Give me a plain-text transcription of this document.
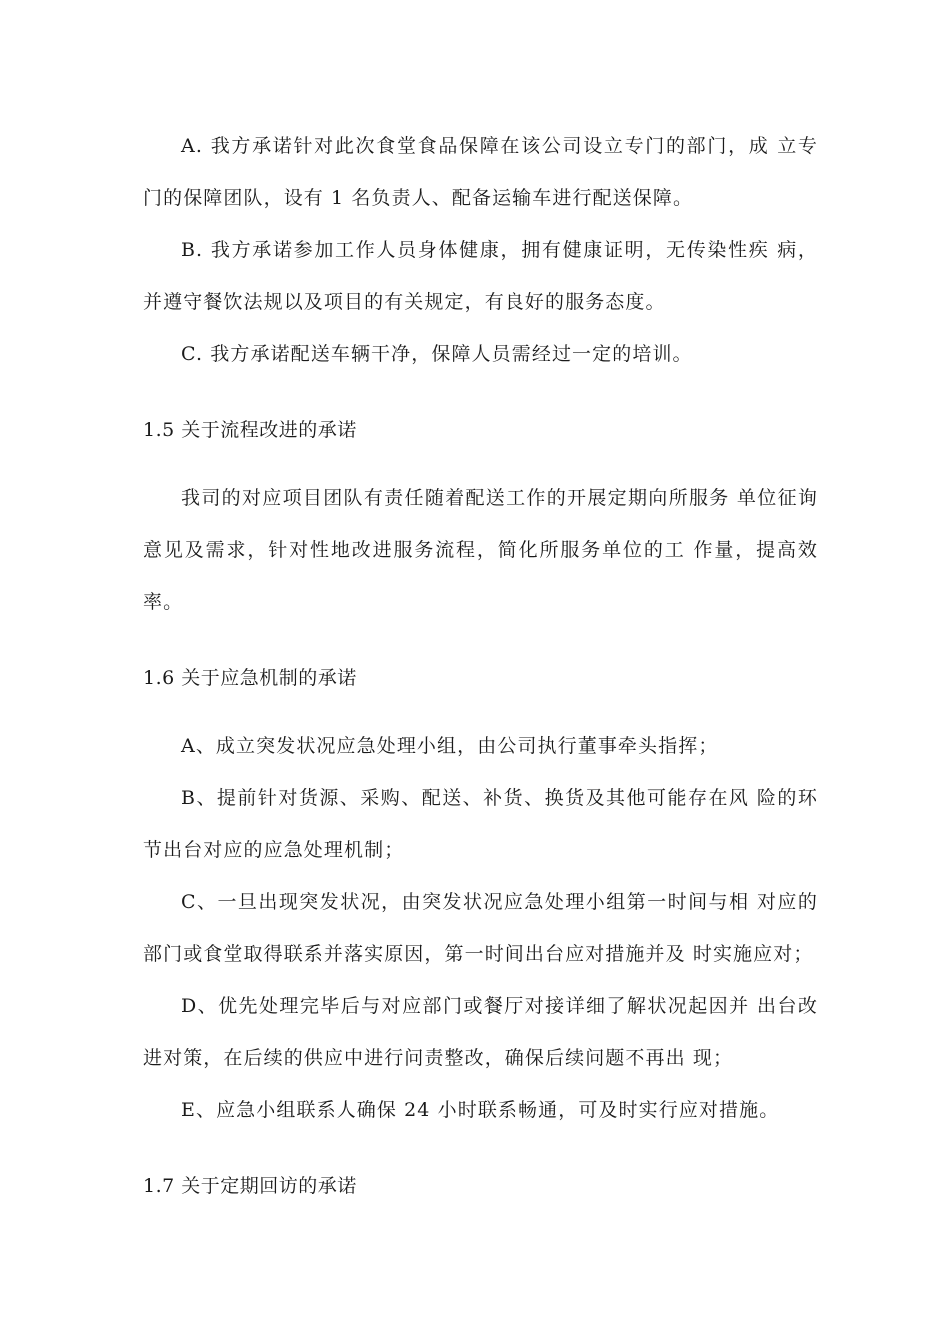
A. 我方承诺针对此次食堂食品保障在该公司设立专门的部门，成 立专门的保障团队，设有 1 名负责人、配备运输车进行配送保障。

B. 我方承诺参加工作人员身体健康，拥有健康证明，无传染性疾 病，并遵守餐饮法规以及项目的有关规定，有良好的服务态度。

C. 我方承诺配送车辆干净，保障人员需经过一定的培训。

1.5 关于流程改进的承诺

我司的对应项目团队有责任随着配送工作的开展定期向所服务 单位征询意见及需求，针对性地改进服务流程，简化所服务单位的工 作量，提高效率。

1.6 关于应急机制的承诺

A、成立突发状况应急处理小组，由公司执行董事牵头指挥；

B、提前针对货源、采购、配送、补货、换货及其他可能存在风 险的环节出台对应的应急处理机制；

C、一旦出现突发状况，由突发状况应急处理小组第一时间与相 对应的部门或食堂取得联系并落实原因，第一时间出台应对措施并及 时实施应对；

D、优先处理完毕后与对应部门或餐厅对接详细了解状况起因并 出台改进对策，在后续的供应中进行问责整改，确保后续问题不再出 现；

E、应急小组联系人确保 24 小时联系畅通，可及时实行应对措施。

1.7 关于定期回访的承诺
